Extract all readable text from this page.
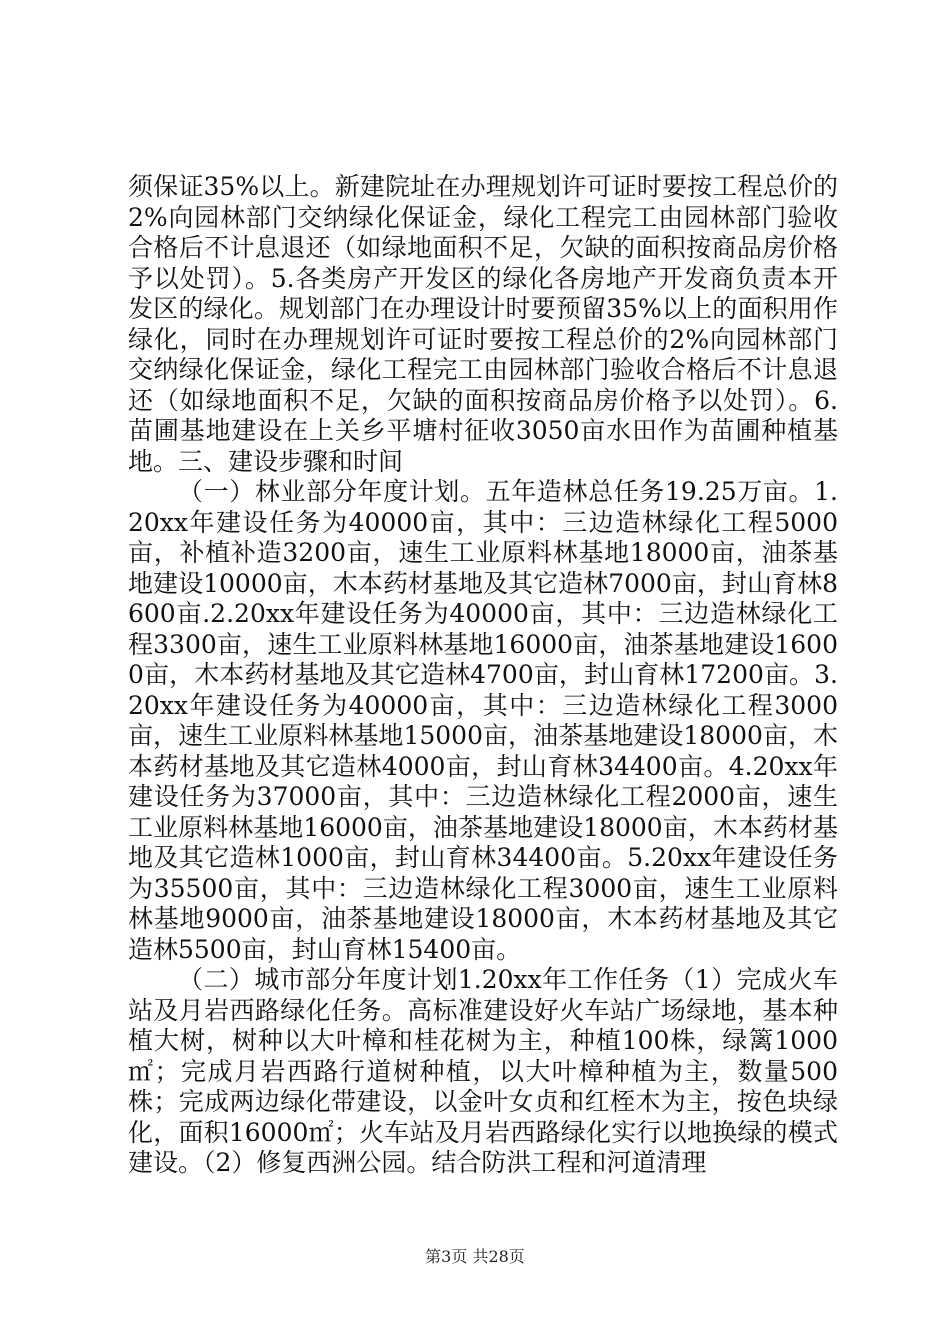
须保证35%以上。新建院址在办理规划许可证时要按工程总价的2%向园林部门交纳绿化保证金，绿化工程完工由园林部门验收合格后不计息退还（如绿地面积不足，欠缺的面积按商品房价格予以处罚）。5.各类房产开发区的绿化各房地产开发商负责本开发区的绿化。规划部门在办理设计时要预留35%以上的面积用作绿化，同时在办理规划许可证时要按工程总价的2%向园林部门交纳绿化保证金，绿化工程完工由园林部门验收合格后不计息退还（如绿地面积不足，欠缺的面积按商品房价格予以处罚）。6.苗圃基地建设在上关乡平塘村征收3050亩水田作为苗圃种植基地。三、建设步骤和时间

（一）林业部分年度计划。五年造林总任务19.25万亩。1.20xx年建设任务为40000亩，其中：三边造林绿化工程5000亩，补植补造3200亩，速生工业原料林基地18000亩，油茶基地建设10000亩，木本药材基地及其它造林7000亩，封山育林8600亩.2.20xx年建设任务为40000亩，其中：三边造林绿化工程3300亩，速生工业原料林基地16000亩，油茶基地建设16000亩，木本药材基地及其它造林4700亩，封山育林17200亩。3.20xx年建设任务为40000亩，其中：三边造林绿化工程3000亩，速生工业原料林基地15000亩，油茶基地建设18000亩，木本药材基地及其它造林4000亩，封山育林34400亩。4.20xx年建设任务为37000亩，其中：三边造林绿化工程2000亩，速生工业原料林基地16000亩，油茶基地建设18000亩，木本药材基地及其它造林1000亩，封山育林34400亩。5.20xx年建设任务为35500亩，其中：三边造林绿化工程3000亩，速生工业原料林基地9000亩，油茶基地建设18000亩，木本药材基地及其它造林5500亩，封山育林15400亩。

（二）城市部分年度计划1.20xx年工作任务（1）完成火车站及月岩西路绿化任务。高标准建设好火车站广场绿地，基本种植大树，树种以大叶樟和桂花树为主，种植100株，绿篱1000㎡；完成月岩西路行道树种植，以大叶樟种植为主，数量500株；完成两边绿化带建设，以金叶女贞和红桎木为主，按色块绿化，面积16000㎡；火车站及月岩西路绿化实行以地换绿的模式建设。（2）修复西洲公园。结合防洪工程和河道清理

第3页 共28页
